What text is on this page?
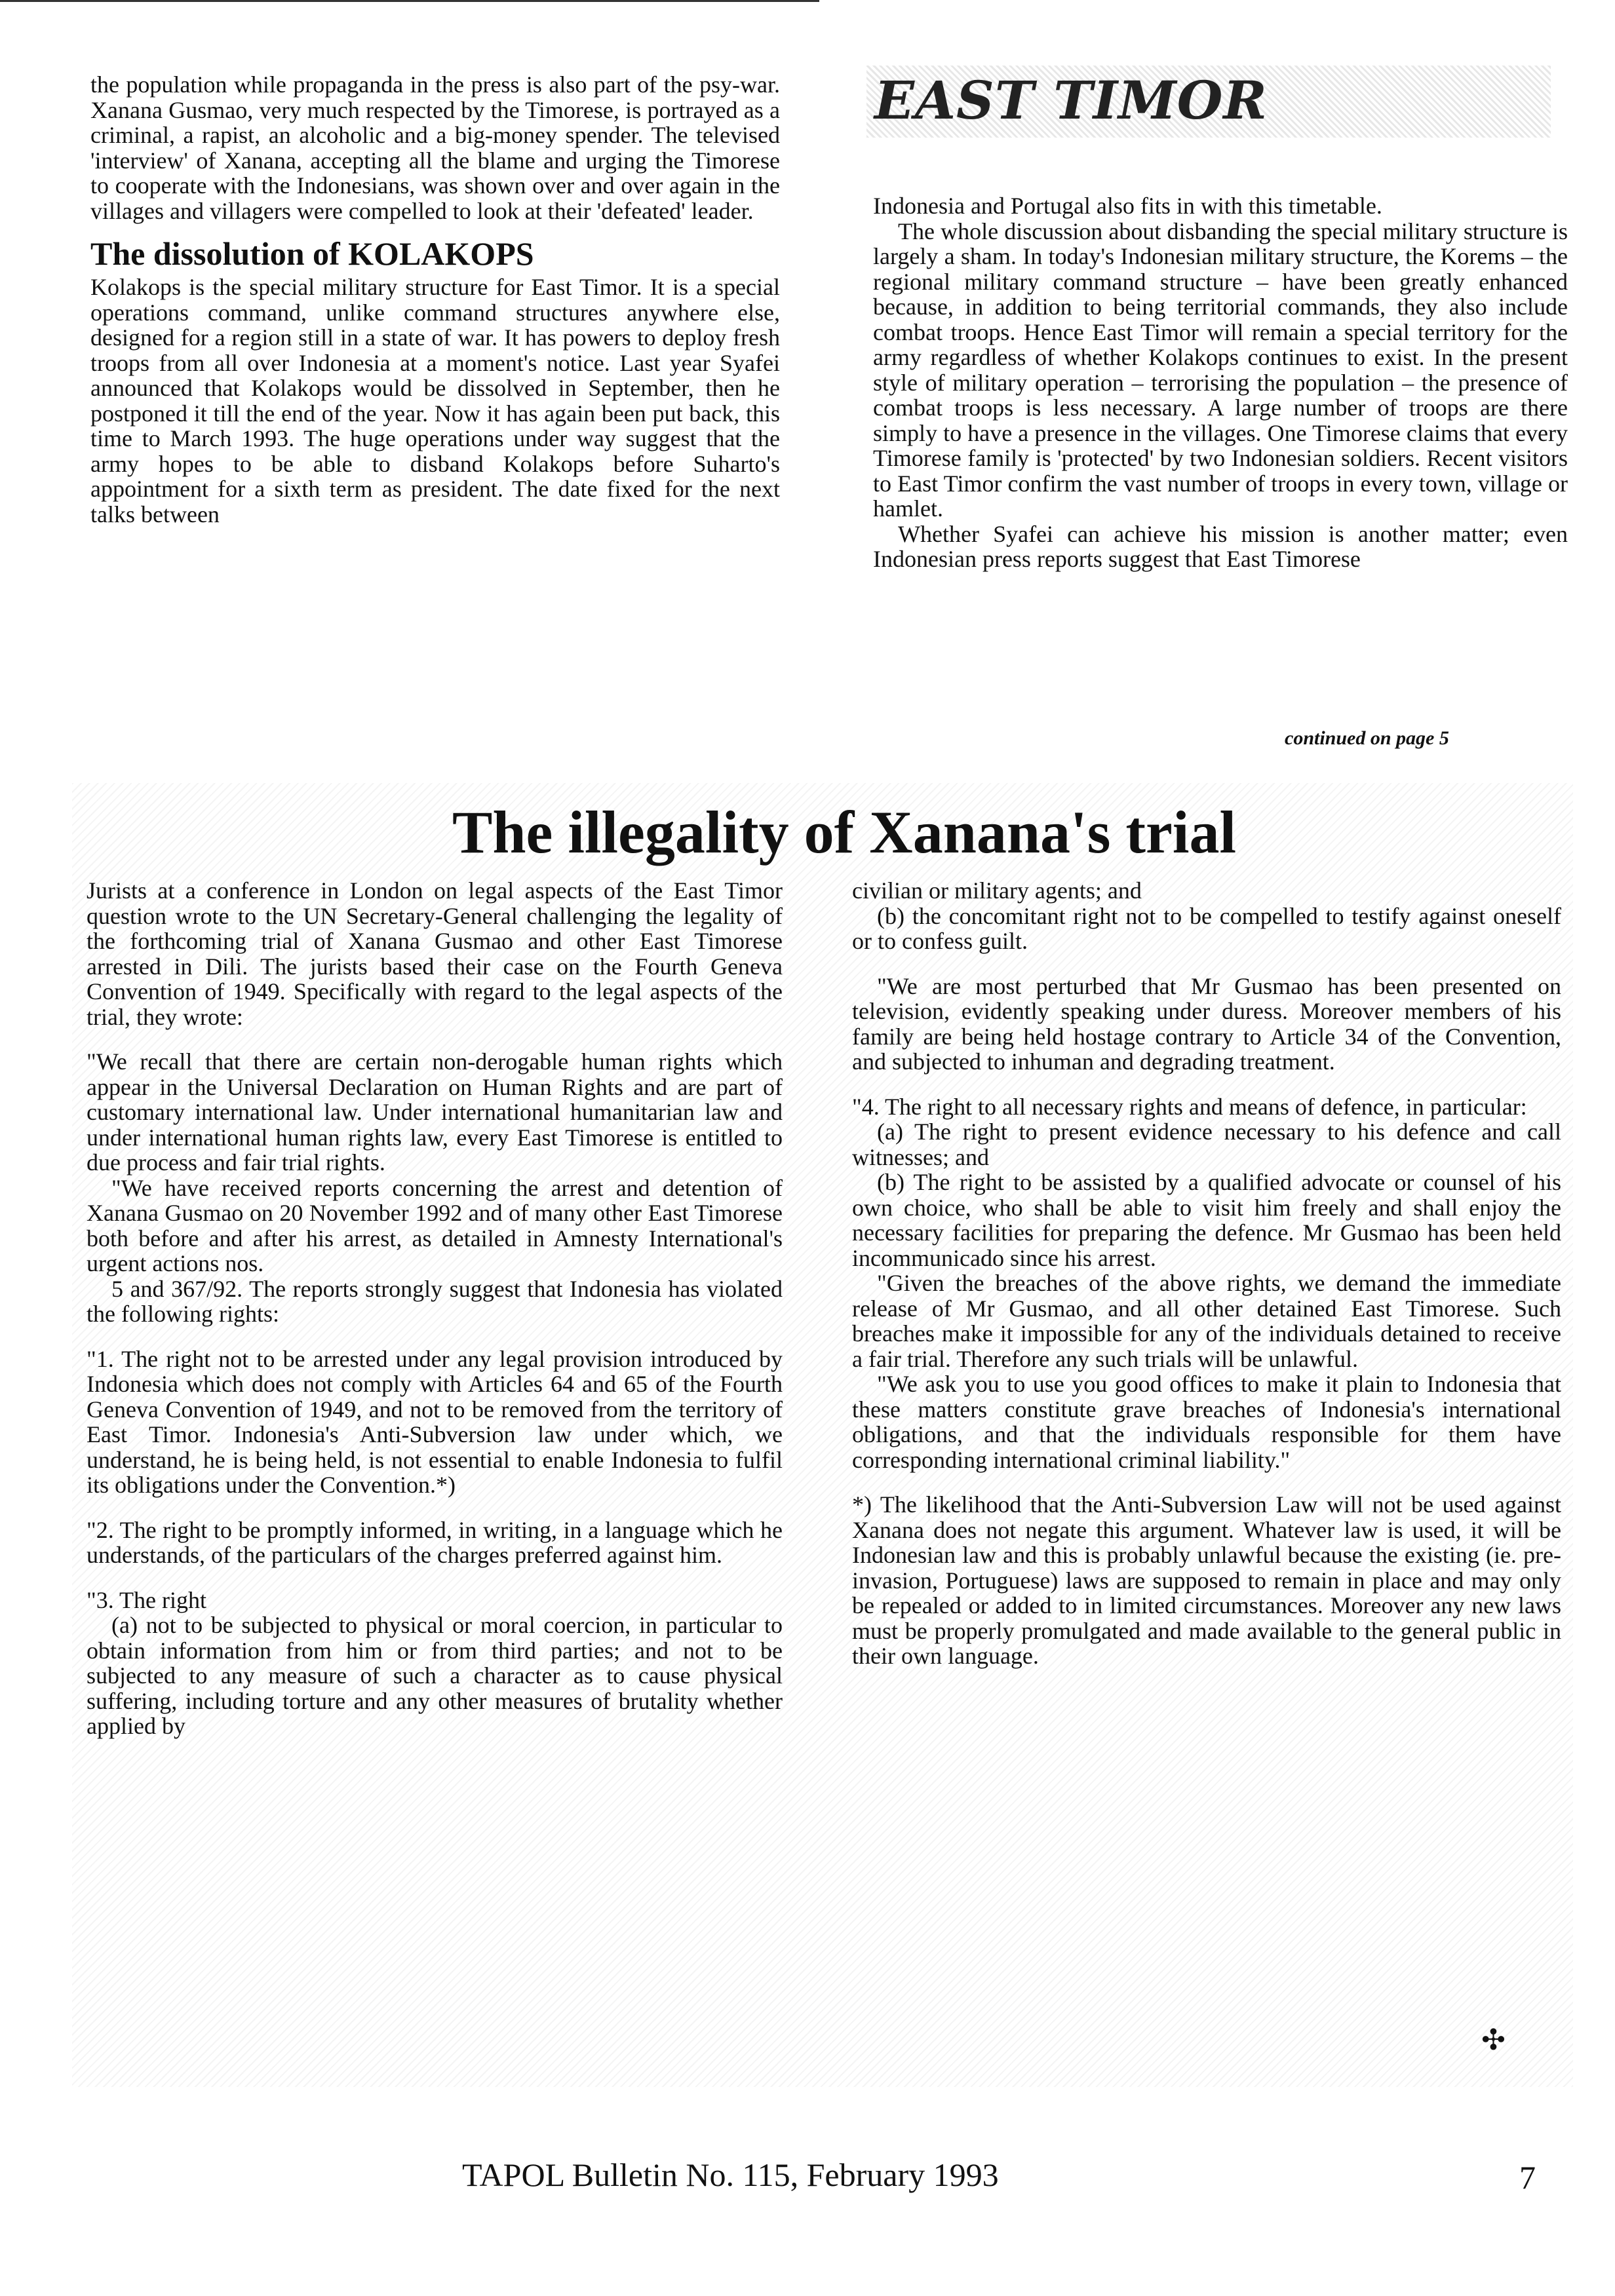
the population while propaganda in the press is also part of the psy-war. Xanana Gusmao, very much respected by the Timorese, is portrayed as a criminal, a rapist, an alcoholic and a big-money spender. The televised 'interview' of Xanana, accepting all the blame and urging the Timorese to cooperate with the Indonesians, was shown over and over again in the villages and villagers were compelled to look at their 'defeated' leader.

The dissolution of KOLAKOPS

Kolakops is the special military structure for East Timor. It is a special operations command, unlike command structures anywhere else, designed for a region still in a state of war. It has powers to deploy fresh troops from all over Indonesia at a moment's notice. Last year Syafei announced that Kolakops would be dissolved in September, then he postponed it till the end of the year. Now it has again been put back, this time to March 1993. The huge operations under way suggest that the army hopes to be able to disband Kolakops before Suharto's appointment for a sixth term as president. The date fixed for the next talks between

EAST TIMOR

Indonesia and Portugal also fits in with this timetable.

The whole discussion about disbanding the special military structure is largely a sham. In today's Indonesian military structure, the Korems – the regional military command structure – have been greatly enhanced because, in addition to being territorial commands, they also include combat troops. Hence East Timor will remain a special territory for the army regardless of whether Kolakops continues to exist. In the present style of military operation – terrorising the population – the presence of combat troops is less necessary. A large number of troops are there simply to have a presence in the villages. One Timorese claims that every Timorese family is 'protected' by two Indonesian soldiers. Recent visitors to East Timor confirm the vast number of troops in every town, village or hamlet.

Whether Syafei can achieve his mission is another matter; even Indonesian press reports suggest that East Timorese

continued on page 5
The illegality of Xanana's trial

Jurists at a conference in London on legal aspects of the East Timor question wrote to the UN Secretary-General challenging the legality of the forthcoming trial of Xanana Gusmao and other East Timorese arrested in Dili. The jurists based their case on the Fourth Geneva Convention of 1949. Specifically with regard to the legal aspects of the trial, they wrote:

"We recall that there are certain non-derogable human rights which appear in the Universal Declaration on Human Rights and are part of customary international law. Under international humanitarian law and under international human rights law, every East Timorese is entitled to due process and fair trial rights.

"We have received reports concerning the arrest and detention of Xanana Gusmao on 20 November 1992 and of many other East Timorese both before and after his arrest, as detailed in Amnesty International's urgent actions nos.

5 and 367/92. The reports strongly suggest that Indonesia has violated the following rights:

"1. The right not to be arrested under any legal provision introduced by Indonesia which does not comply with Articles 64 and 65 of the Fourth Geneva Convention of 1949, and not to be removed from the territory of East Timor. Indonesia's Anti-Subversion law under which, we understand, he is being held, is not essential to enable Indonesia to fulfil its obligations under the Convention.*)

"2. The right to be promptly informed, in writing, in a language which he understands, of the particulars of the charges preferred against him.

"3. The right

(a) not to be subjected to physical or moral coercion, in particular to obtain information from him or from third parties; and not to be subjected to any measure of such a character as to cause physical suffering, including torture and any other measures of brutality whether applied by

civilian or military agents; and

(b) the concomitant right not to be compelled to testify against oneself or to confess guilt.

"We are most perturbed that Mr Gusmao has been presented on television, evidently speaking under duress. Moreover members of his family are being held hostage contrary to Article 34 of the Convention, and subjected to inhuman and degrading treatment.

"4. The right to all necessary rights and means of defence, in particular:

(a) The right to present evidence necessary to his defence and call witnesses; and

(b) The right to be assisted by a qualified advocate or counsel of his own choice, who shall be able to visit him freely and shall enjoy the necessary facilities for preparing the defence. Mr Gusmao has been held incommunicado since his arrest.

"Given the breaches of the above rights, we demand the immediate release of Mr Gusmao, and all other detained East Timorese. Such breaches make it impossible for any of the individuals detained to receive a fair trial. Therefore any such trials will be unlawful.

"We ask you to use you good offices to make it plain to Indonesia that these matters constitute grave breaches of Indonesia's international obligations, and that the individuals responsible for them have corresponding international criminal liability."

*) The likelihood that the Anti-Subversion Law will not be used against Xanana does not negate this argument. Whatever law is used, it will be Indonesian law and this is probably unlawful because the existing (ie. pre-invasion, Portuguese) laws are supposed to remain in place and may only be repealed or added to in limited circumstances. Moreover any new laws must be properly promulgated and made available to the general public in their own language.

✣
TAPOL Bulletin No. 115, February 1993	7
